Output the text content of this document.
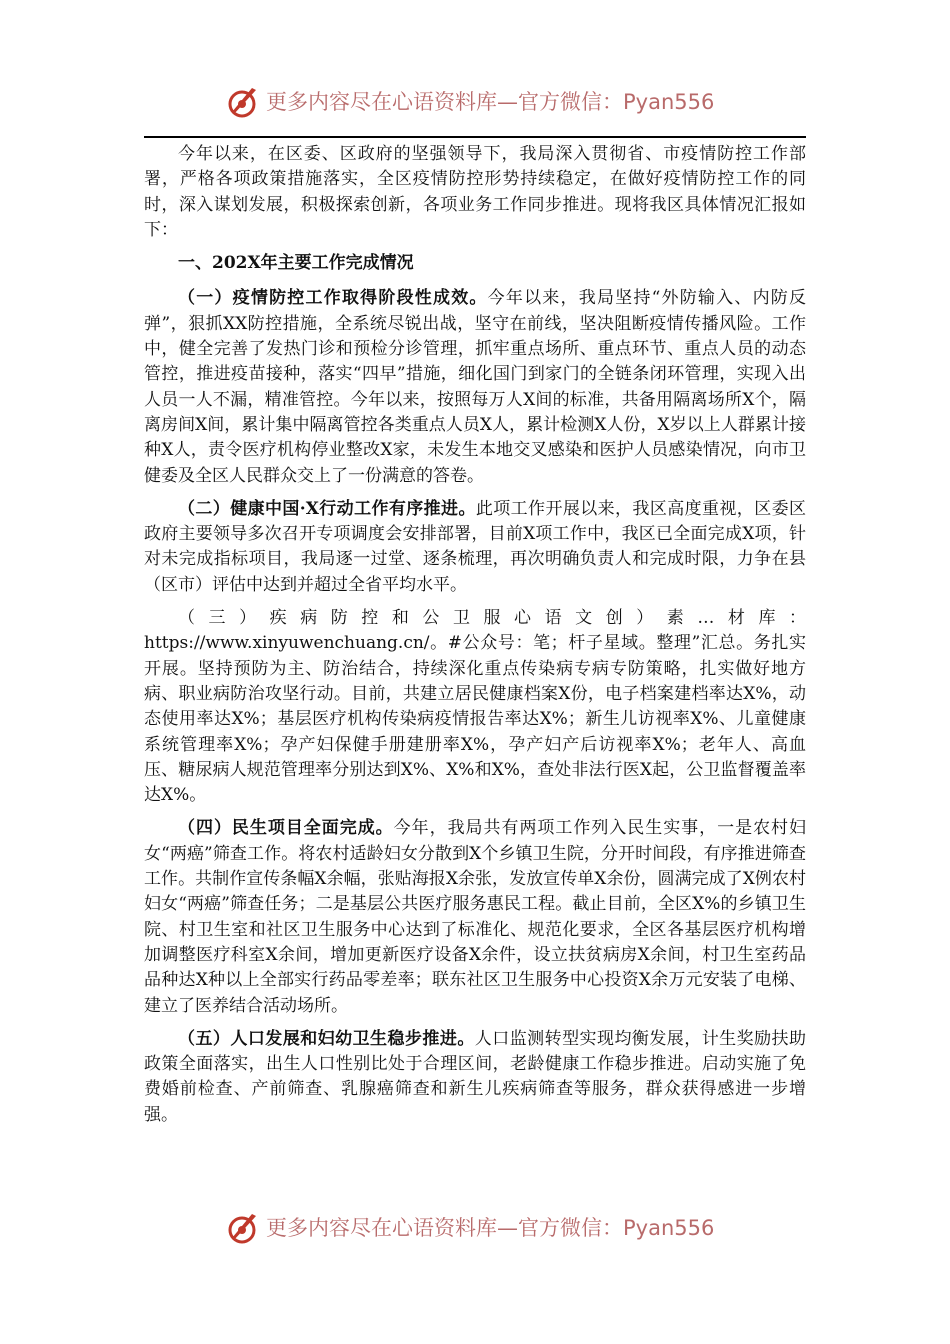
更多内容尽在心语资料库—官方微信：Pyan556

今年以来，在区委、区政府的坚强领导下，我局深入贯彻省、市疫情防控工作部署，严格各项政策措施落实，全区疫情防控形势持续稳定，在做好疫情防控工作的同时，深入谋划发展，积极探索创新，各项业务工作同步推进。现将我区具体情况汇报如下：

一、202X年主要工作完成情况

（一）疫情防控工作取得阶段性成效。今年以来，我局坚持“外防输入、内防反弹”，狠抓XX防控措施，全系统尽锐出战，坚守在前线，坚决阻断疫情传播风险。工作中，健全完善了发热门诊和预检分诊管理，抓牢重点场所、重点环节、重点人员的动态管控，推进疫苗接种，落实“四早”措施，细化国门到家门的全链条闭环管理，实现入出人员一人不漏，精准管控。今年以来，按照每万人X间的标准，共备用隔离场所X个，隔离房间X间，累计集中隔离管控各类重点人员X人，累计检测X人份，X岁以上人群累计接种X人，责令医疗机构停业整改X家，未发生本地交叉感染和医护人员感染情况，向市卫健委及全区人民群众交上了一份满意的答卷。

（二）健康中国·X行动工作有序推进。此项工作开展以来，我区高度重视，区委区政府主要领导多次召开专项调度会安排部署，目前X项工作中，我区已全面完成X项，针对未完成指标项目，我局逐一过堂、逐条梳理，再次明确负责人和完成时限，力争在县（区市）评估中达到并超过全省平均水平。

（三）疾病防控和公卫服心语文创）素…材库：https://www.xinyuwenchuang.cn/。#公众号：笔；杆子星域。整理”汇总。务扎实开展。坚持预防为主、防治结合，持续深化重点传染病专病专防策略，扎实做好地方病、职业病防治攻坚行动。目前，共建立居民健康档案X份，电子档案建档率达X%，动态使用率达X%；基层医疗机构传染病疫情报告率达X%；新生儿访视率X%、儿童健康系统管理率X%；孕产妇保健手册建册率X%，孕产妇产后访视率X%；老年人、高血压、糖尿病人规范管理率分别达到X%、X%和X%，查处非法行医X起，公卫监督覆盖率达X%。

（四）民生项目全面完成。今年，我局共有两项工作列入民生实事，一是农村妇女“两癌”筛查工作。将农村适龄妇女分散到X个乡镇卫生院，分开时间段，有序推进筛查工作。共制作宣传条幅X余幅，张贴海报X余张，发放宣传单X余份，圆满完成了X例农村妇女“两癌”筛查任务；二是基层公共医疗服务惠民工程。截止目前，全区X%的乡镇卫生院、村卫生室和社区卫生服务中心达到了标准化、规范化要求，全区各基层医疗机构增加调整医疗科室X余间，增加更新医疗设备X余件，设立扶贫病房X余间，村卫生室药品品种达X种以上全部实行药品零差率；联东社区卫生服务中心投资X余万元安装了电梯、建立了医养结合活动场所。

（五）人口发展和妇幼卫生稳步推进。人口监测转型实现均衡发展，计生奖励扶助政策全面落实，出生人口性别比处于合理区间，老龄健康工作稳步推进。启动实施了免费婚前检查、产前筛查、乳腺癌筛查和新生儿疾病筛查等服务，群众获得感进一步增强。

更多内容尽在心语资料库—官方微信：Pyan556
